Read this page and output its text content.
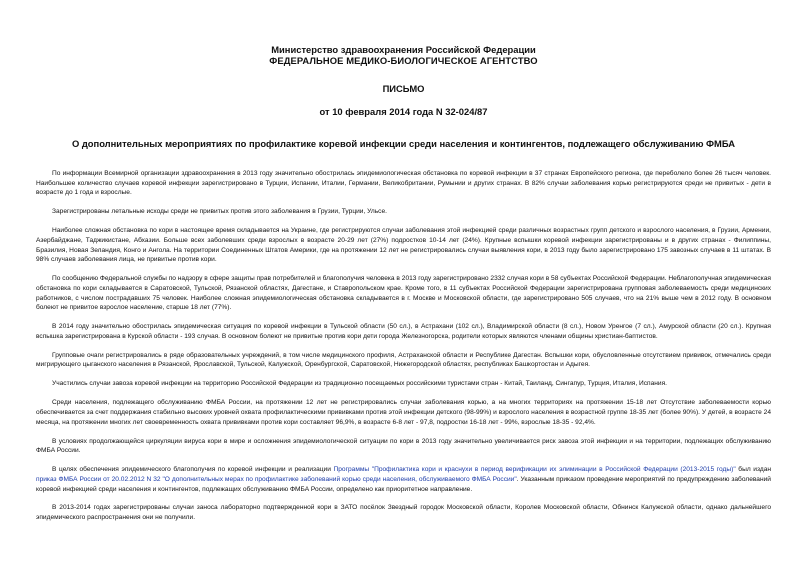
Министерство здравоохранения Российской Федерации
ФЕДЕРАЛЬНОЕ МЕДИКО-БИОЛОГИЧЕСКОЕ АГЕНТСТВО
ПИСЬМО
от 10 февраля 2014 года N 32-024/87
О дополнительных мероприятиях по профилактике коревой инфекции среди населения и контингентов, подлежащего обслуживанию ФМБА

По информации Всемирной организации здравоохранения в 2013 году значительно обострилась эпидемиологическая обстановка по коревой инфекции в 37 странах Европейского региона, где переболело более 26 тысяч человек. Наибольшее количество случаев коревой инфекции зарегистрировано в Турции, Испании, Италии, Германии, Великобритании, Румынии и других странах. В 82% случаи заболевания корью регистрируются среди не привитых - дети в возрасте до 1 года и взрослые.

Зарегистрированы летальные исходы среди не привитых против этого заболевания в Грузии, Турции, Ульсе.

Наиболее сложная обстановка по кори в настоящее время складывается на Украине, где регистрируются случаи заболевания этой инфекцией среди различных возрастных групп детского и взрослого населения, в Грузии, Армении, Азербайджане, Таджикистане, Абхазии. Больше всех заболевших среди взрослых в возрасте 20-29 лет (27%) подростков 10-14 лет (24%). Крупные вспышки коревой инфекции зарегистрированы и в других странах - Филиппины, Бразилия, Новая Зеландия, Конго и Ангола. На территории Соединенных Штатов Америки, где на протяжении 12 лет не регистрировались случаи выявления кори, в 2013 году было зарегистрировано 175 завозных случаев в 11 штатах. В 98% случаев заболевания лица, не привитые против кори.

По сообщению Федеральной службы по надзору в сфере защиты прав потребителей и благополучия человека в 2013 году зарегистрировано 2332 случая кори в 58 субъектах Российской Федерации. Неблагополучная эпидемическая обстановка по кори складывается в Саратовской, Тульской, Рязанской областях, Дагестане, и Ставропольском крае. Кроме того, в 11 субъектах Российской Федерации зарегистрирована групповая заболеваемость среди медицинских работников, с числом пострадавших 75 человек. Наиболее сложная эпидемиологическая обстановка складывается в г. Москве и Московской области, где зарегистрировано 505 случаев, что на 21% выше чем в 2012 году. В основном болеют не привитое взрослое население, старше 18 лет (77%).

В 2014 году значительно обострилась эпидемическая ситуация по коревой инфекции в Тульской области (50 сл.), в Астрахани (102 сл.), Владимирской области (8 сл.), Новом Уренгое (7 сл.), Амурской области (20 сл.). Крупная вспышка зарегистрирована в Курской области - 193 случая. В основном болеют не привитые против кори дети города Железногорска, родители которых являются членами общины христиан-баптистов.

Групповые очаги регистрировались в ряде образовательных учреждений, в том числе медицинского профиля, Астраханской области и Республике Дагестан. Вспышки кори, обусловленные отсутствием прививок, отмечались среди мигрирующего цыганского населения в Рязанской, Ярославской, Тульской, Калужской, Оренбургской, Саратовской, Нижегородской областях, республиках Башкортостан и Адыгея.

Участились случаи завоза коревой инфекции на территорию Российской Федерации из традиционно посещаемых российскими туристами стран - Китай, Таиланд, Сингапур, Турция, Италия, Испания.

Среди населения, подлежащего обслуживанию ФМБА России, на протяжении 12 лет не регистрировались случаи заболевания корью, а на многих территориях на протяжении 15-18 лет Отсутствие заболеваемости корью обеспечивается за счет поддержания стабильно высоких уровней охвата профилактическими прививками против этой инфекции детского (98-99%) и взрослого населения в возрастной группе 18-35 лет (более 90%). У детей, в возрасте 24 месяца, на протяжении многих лет своевременность охвата прививками против кори составляет 96,9%, в возрасте 6-8 лет - 97,8, подростки 16-18 лет - 99%, взрослые 18-35 - 92,4%.

В условиях продолжающейся циркуляции вируса кори в мире и осложнения эпидемиологической ситуации по кори в 2013 году значительно увеличивается риск завоза этой инфекции и на территории, подлежащих обслуживанию ФМБА России.

В целях обеспечения эпидемического благополучия по коревой инфекции и реализации Программы "Профилактика кори и краснухи в период верификации их элиминации в Российской Федерации (2013-2015 годы)" был издан приказ ФМБА России от 20.02.2012 N 32 "О дополнительных мерах по профилактике заболеваний корью среди населения, обслуживаемого ФМБА России". Указанным приказом проведение мероприятий по предупреждению заболеваний коревой инфекцией среди населения и контингентов, подлежащих обслуживанию ФМБА России, определено как приоритетное направление.

В 2013-2014 годах зарегистрированы случаи заноса лабораторно подтвержденной кори в ЗАТО посёлок Звездный городок Московской области, Королев Московской области, Обнинск Калужской области, однако дальнейшего эпидемического распространения они не получили.
